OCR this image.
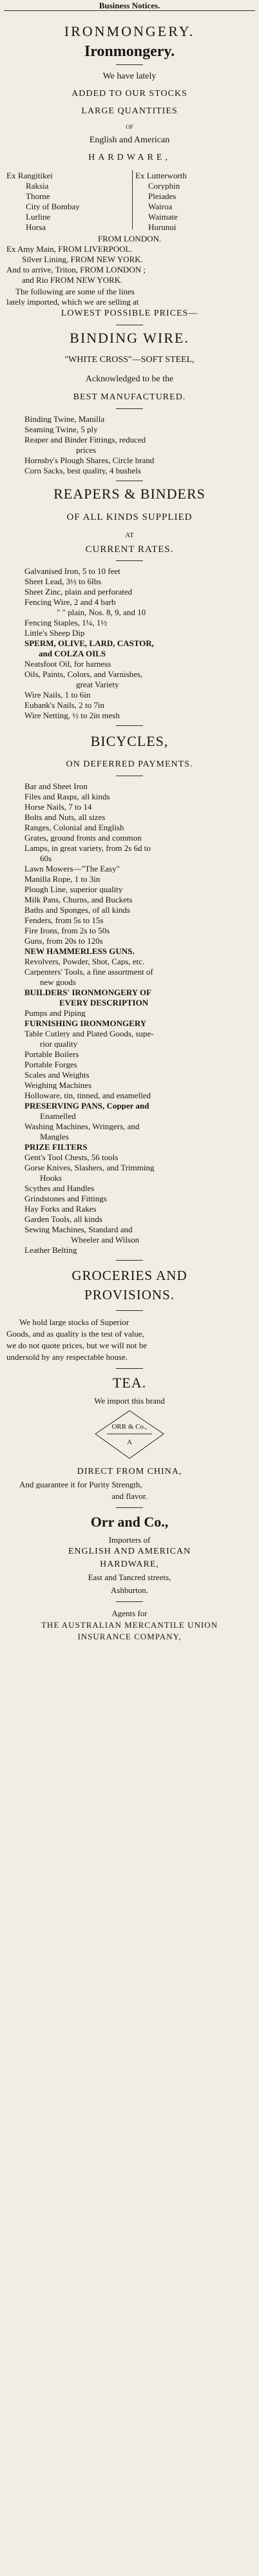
Business Notices.
IRONMONGERY.
Ironmongery.
We have lately
ADDED TO OUR STOCKS
LARGE QUANTITIES
OF
English and American
HARDWARE,
Ex Rangitikei
Raksia
Thorne
City of Bombay
Lurline
Horsa
Ex Lutterworth
Coryphin
Pleiades
Wairoa
Waimate
Hurunui
FROM LONDON.
Ex Amy Main, FROM LIVERPOOL.
Silver Lining, FROM NEW YORK.
And to arrive, Triton, FROM LONDON ;
and Rio FROM NEW YORK.
The following are some of the lines
lately imported, which we are selling at
LOWEST POSSIBLE PRICES—
BINDING WIRE.
"WHITE CROSS"—SOFT STEEL,
Acknowledged to be the
BEST MANUFACTURED.
Binding Twine, Manilla
Seaming Twine, 5 ply
Reaper and Binder Fittings, reduced
prices
Hornsby's Plough Shares, Circle brand
Corn Sacks, best quality, 4 bushels
REAPERS & BINDERS
OF ALL KINDS SUPPLIED
AT
CURRENT RATES.
Galvanised Iron, 5 to 10 feet
Sheet Lead, 3½ to 6lbs
Sheet Zinc, plain and perforated
Fencing Wire, 2 and 4 barb
" " plain, Nos. 8, 9, and 10
Fencing Staples, 1¼, 1½
Little's Sheep Dip
SPERM, OLIVE, LARD, CASTOR,
and COLZA OILS
Neatsfoot Oil, for harness
Oils, Paints, Colors, and Varnishes,
great Variety
Wire Nails, 1 to 6in
Eubank's Nails, 2 to 7in
Wire Netting, ½ to 2in mesh
BICYCLES,
ON DEFERRED PAYMENTS.
Bar and Sheet Iron
Files and Rasps, all kinds
Horse Nails, 7 to 14
Bolts and Nuts, all sizes
Ranges, Colonial and English
Grates, ground fronts and common
Lamps, in great variety, from 2s 6d to
60s
Lawn Mowers—"The Easy"
Manilla Rope, 1 to 3in
Plough Line, superior quality
Milk Pans, Churns, and Buckets
Baths and Sponges, of all kinds
Fenders, from 5s to 15s
Fire Irons, from 2s to 50s
Guns, from 20s to 120s
NEW HAMMERLESS GUNS.
Revolvers, Powder, Shot, Caps, etc.
Carpenters' Tools, a fine assortment of
new goods
BUILDERS' IRONMONGERY OF
EVERY DESCRIPTION
Pumps and Piping
FURNISHING IRONMONGERY
Table Cutlery and Plated Goods, supe-
rior quality
Portable Boilers
Portable Forges
Scales and Weights
Weighing Machines
Holloware, tin, tinned, and enamelled
PRESERVING PANS, Copper and
Enamelled
Washing Machines, Wringers, and
Mangles
PRIZE FILTERS
Gent's Tool Chests, 56 tools
Gorse Knives, Slashers, and Trimming
Hooks
Scythes and Handles
Grindstones and Fittings
Hay Forks and Rakes
Garden Tools, all kinds
Sewing Machines, Standard and
Wheeler and Wilson
Leather Belting
GROCERIES AND
PROVISIONS.
We hold large stocks of Superior
Goods, and as quality is the test of value,
we do not quote prices, but we will not be
undersold by any respectable house.
TEA.
We import this brand
ORR & Co.,
A
DIRECT FROM CHINA,
And guarantee it for Purity Strength,
and flavor.
Orr and Co.,
Importers of
ENGLISH AND AMERICAN
HARDWARE,
East and Tancred streets,
Ashburton.
Agents for
THE AUSTRALIAN MERCANTILE UNION
INSURANCE COMPANY,
